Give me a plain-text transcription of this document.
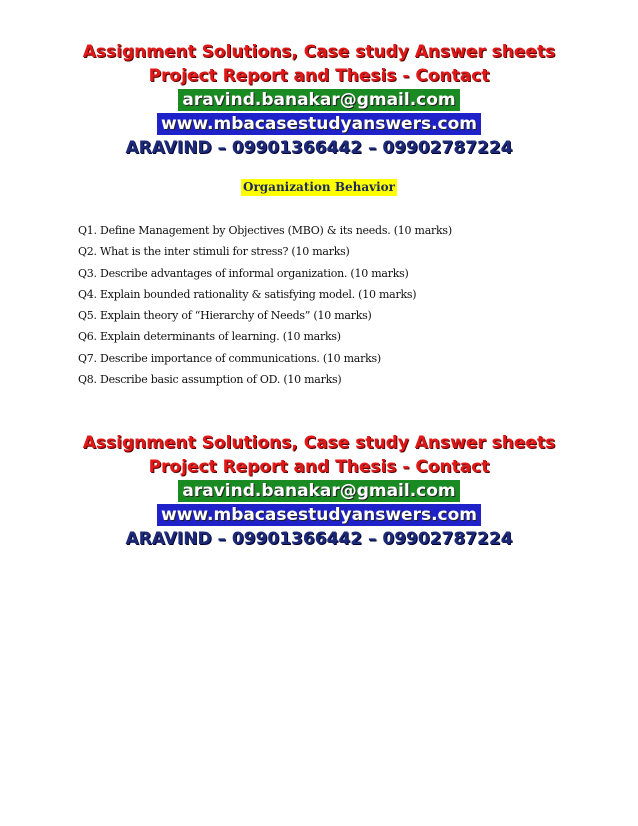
Assignment Solutions, Case study Answer sheets
Project Report and Thesis - Contact
aravind.banakar@gmail.com
www.mbacasestudyanswers.com
ARAVIND – 09901366442 – 09902787224
Organization Behavior
Q1. Define Management by Objectives (MBO) & its needs. (10 marks)
Q2. What is the inter stimuli for stress? (10 marks)
Q3. Describe advantages of informal organization. (10 marks)
Q4. Explain bounded rationality & satisfying model. (10 marks)
Q5. Explain theory of “Hierarchy of Needs” (10 marks)
Q6. Explain determinants of learning. (10 marks)
Q7. Describe importance of communications. (10 marks)
Q8. Describe basic assumption of OD. (10 marks)
Assignment Solutions, Case study Answer sheets
Project Report and Thesis - Contact
aravind.banakar@gmail.com
www.mbacasestudyanswers.com
ARAVIND – 09901366442 – 09902787224
